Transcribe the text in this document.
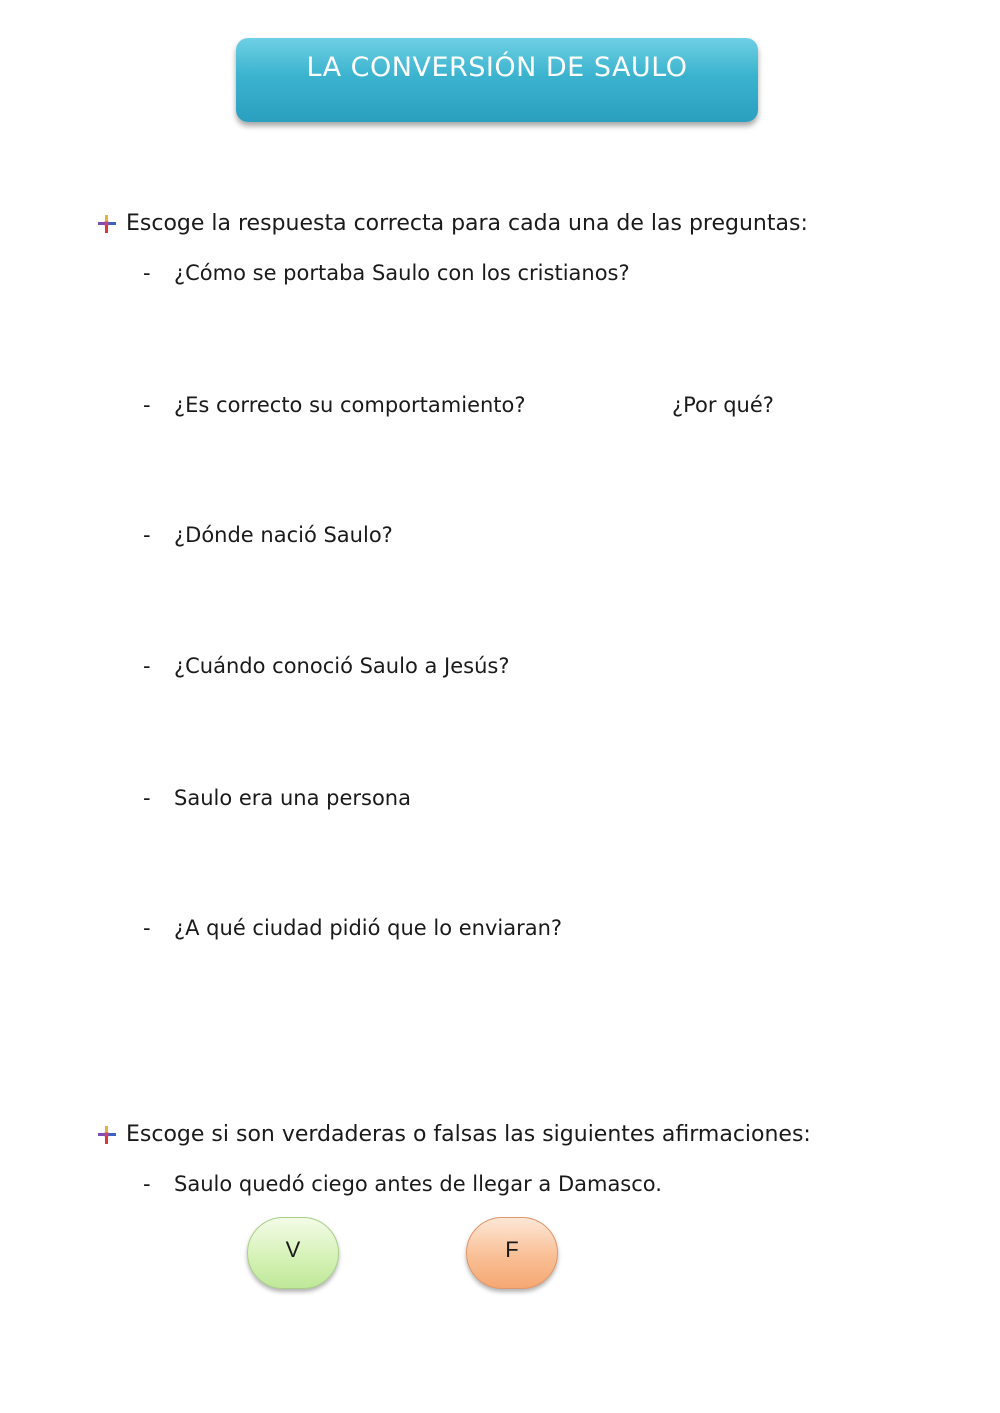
LA CONVERSIÓN DE SAULO
Escoge la respuesta correcta para cada una de las preguntas:
-	¿Cómo se portaba Saulo con los cristianos?
-	¿Es correcto su comportamiento?	¿Por qué?
-	¿Dónde nació Saulo?
-	¿Cuándo conoció Saulo a Jesús?
-	Saulo era una persona
-	¿A qué ciudad pidió que lo enviaran?
Escoge si son verdaderas o falsas las siguientes afirmaciones:
-	Saulo quedó ciego antes de llegar a Damasco.
V	F
